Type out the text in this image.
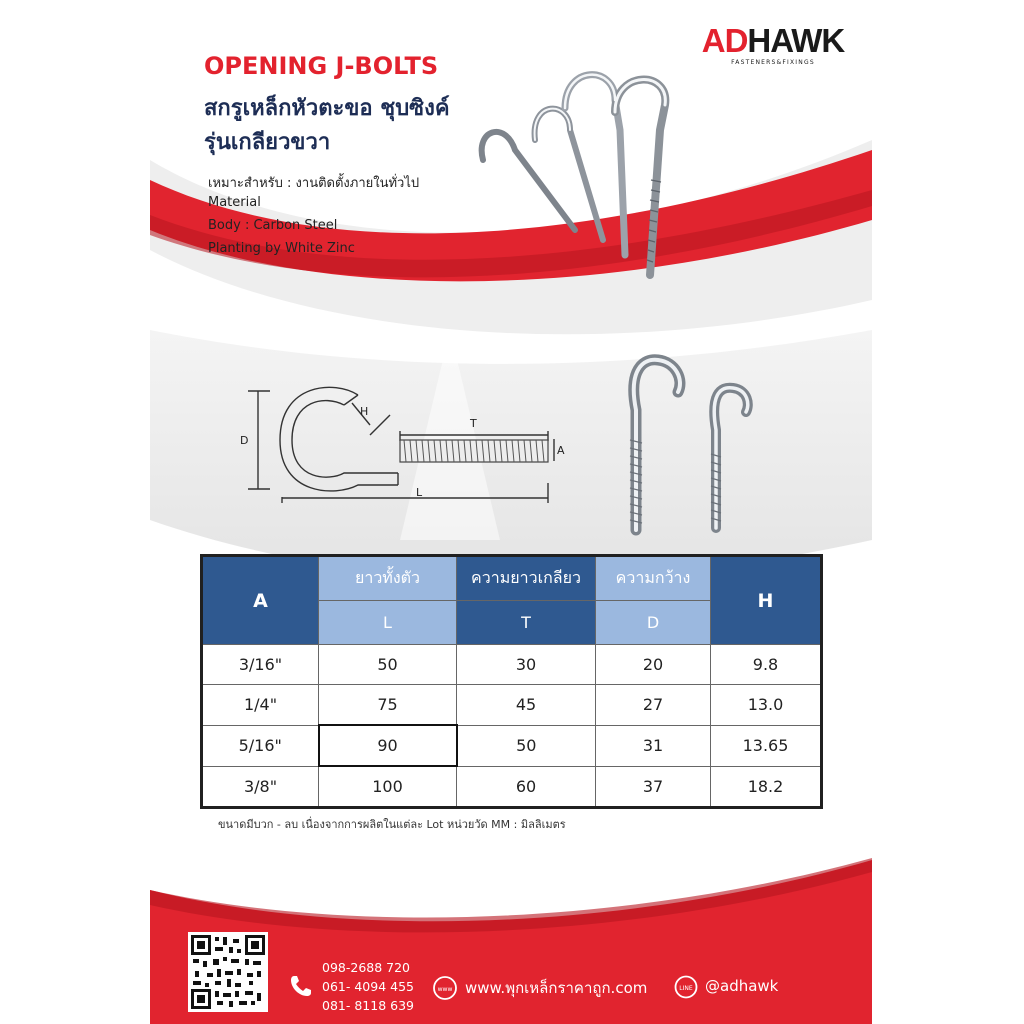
ADHAWK
FASTENERS&FIXINGS
OPENING J-BOLTS
สกรูเหล็กหัวตะขอ ชุบซิงค์
รุ่นเกลียวขวา
เหมาะสำหรับ : งานติดตั้งภายในทั่วไป
Material
Body : Carbon Steel
Planting by White Zinc
D
H
T
A
L
A	ยาวทั้งตัว	ความยาวเกลียว	ความกว้าง	H
	L	T	D	
3/16"	50	30	20	9.8
1/4"	75	45	27	13.0
5/16"	90	50	31	13.65
3/8"	100	60	37	18.2
ขนาดมีบวก - ลบ เนื่องจากการผลิตในแต่ละ Lot หน่วยวัด MM : มิลลิเมตร
098-2688 720
061- 4094 455
081- 8118 639
www www.พุกเหล็กราคาถูก.com	LINE @adhawk
